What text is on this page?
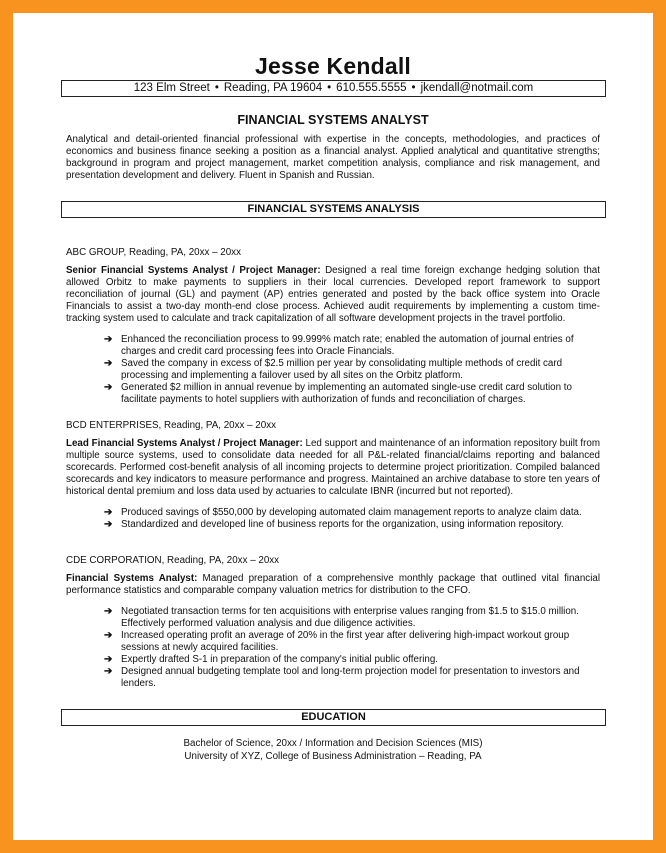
Jesse Kendall
123 Elm Street • Reading, PA 19604 • 610.555.5555 • jkendall@notmail.com
FINANCIAL SYSTEMS ANALYST

Analytical and detail-oriented financial professional with expertise in the concepts, methodologies, and practices of economics and business finance seeking a position as a financial analyst. Applied analytical and quantitative strengths; background in program and project management, market competition analysis, compliance and risk management, and presentation development and delivery. Fluent in Spanish and Russian.

FINANCIAL SYSTEMS ANALYSIS
ABC GROUP, Reading, PA, 20xx – 20xx

Senior Financial Systems Analyst / Project Manager: Designed a real time foreign exchange hedging solution that allowed Orbitz to make payments to suppliers in their local currencies. Developed report framework to support reconciliation of journal (GL) and payment (AP) entries generated and posted by the back office system into Oracle Financials to assist a two-day month-end close process. Achieved audit requirements by implementing a custom time-tracking system used to calculate and track capitalization of all software development projects in the travel portfolio.

➔ Enhanced the reconciliation process to 99.999% match rate; enabled the automation of journal entries of charges and credit card processing fees into Oracle Financials.
➔ Saved the company in excess of $2.5 million per year by consolidating multiple methods of credit card processing and implementing a failover used by all sites on the Orbitz platform.
➔ Generated $2 million in annual revenue by implementing an automated single-use credit card solution to facilitate payments to hotel suppliers with authorization of funds and reconciliation of charges.
BCD ENTERPRISES, Reading, PA, 20xx – 20xx

Lead Financial Systems Analyst / Project Manager: Led support and maintenance of an information repository built from multiple source systems, used to consolidate data needed for all P&L-related financial/claims reporting and balanced scorecards. Performed cost-benefit analysis of all incoming projects to determine project prioritization. Compiled balanced scorecards and key indicators to measure performance and progress. Maintained an archive database to store ten years of historical dental premium and loss data used by actuaries to calculate IBNR (incurred but not reported).

➔ Produced savings of $550,000 by developing automated claim management reports to analyze claim data.
➔ Standardized and developed line of business reports for the organization, using information repository.
CDE CORPORATION, Reading, PA, 20xx – 20xx

Financial Systems Analyst: Managed preparation of a comprehensive monthly package that outlined vital financial performance statistics and comparable company valuation metrics for distribution to the CFO.

➔ Negotiated transaction terms for ten acquisitions with enterprise values ranging from $1.5 to $15.0 million. Effectively performed valuation analysis and due diligence activities.
➔ Increased operating profit an average of 20% in the first year after delivering high-impact workout group sessions at newly acquired facilities.
➔ Expertly drafted S-1 in preparation of the company's initial public offering.
➔ Designed annual budgeting template tool and long-term projection model for presentation to investors and lenders.
EDUCATION
Bachelor of Science, 20xx / Information and Decision Sciences (MIS)
University of XYZ, College of Business Administration – Reading, PA
